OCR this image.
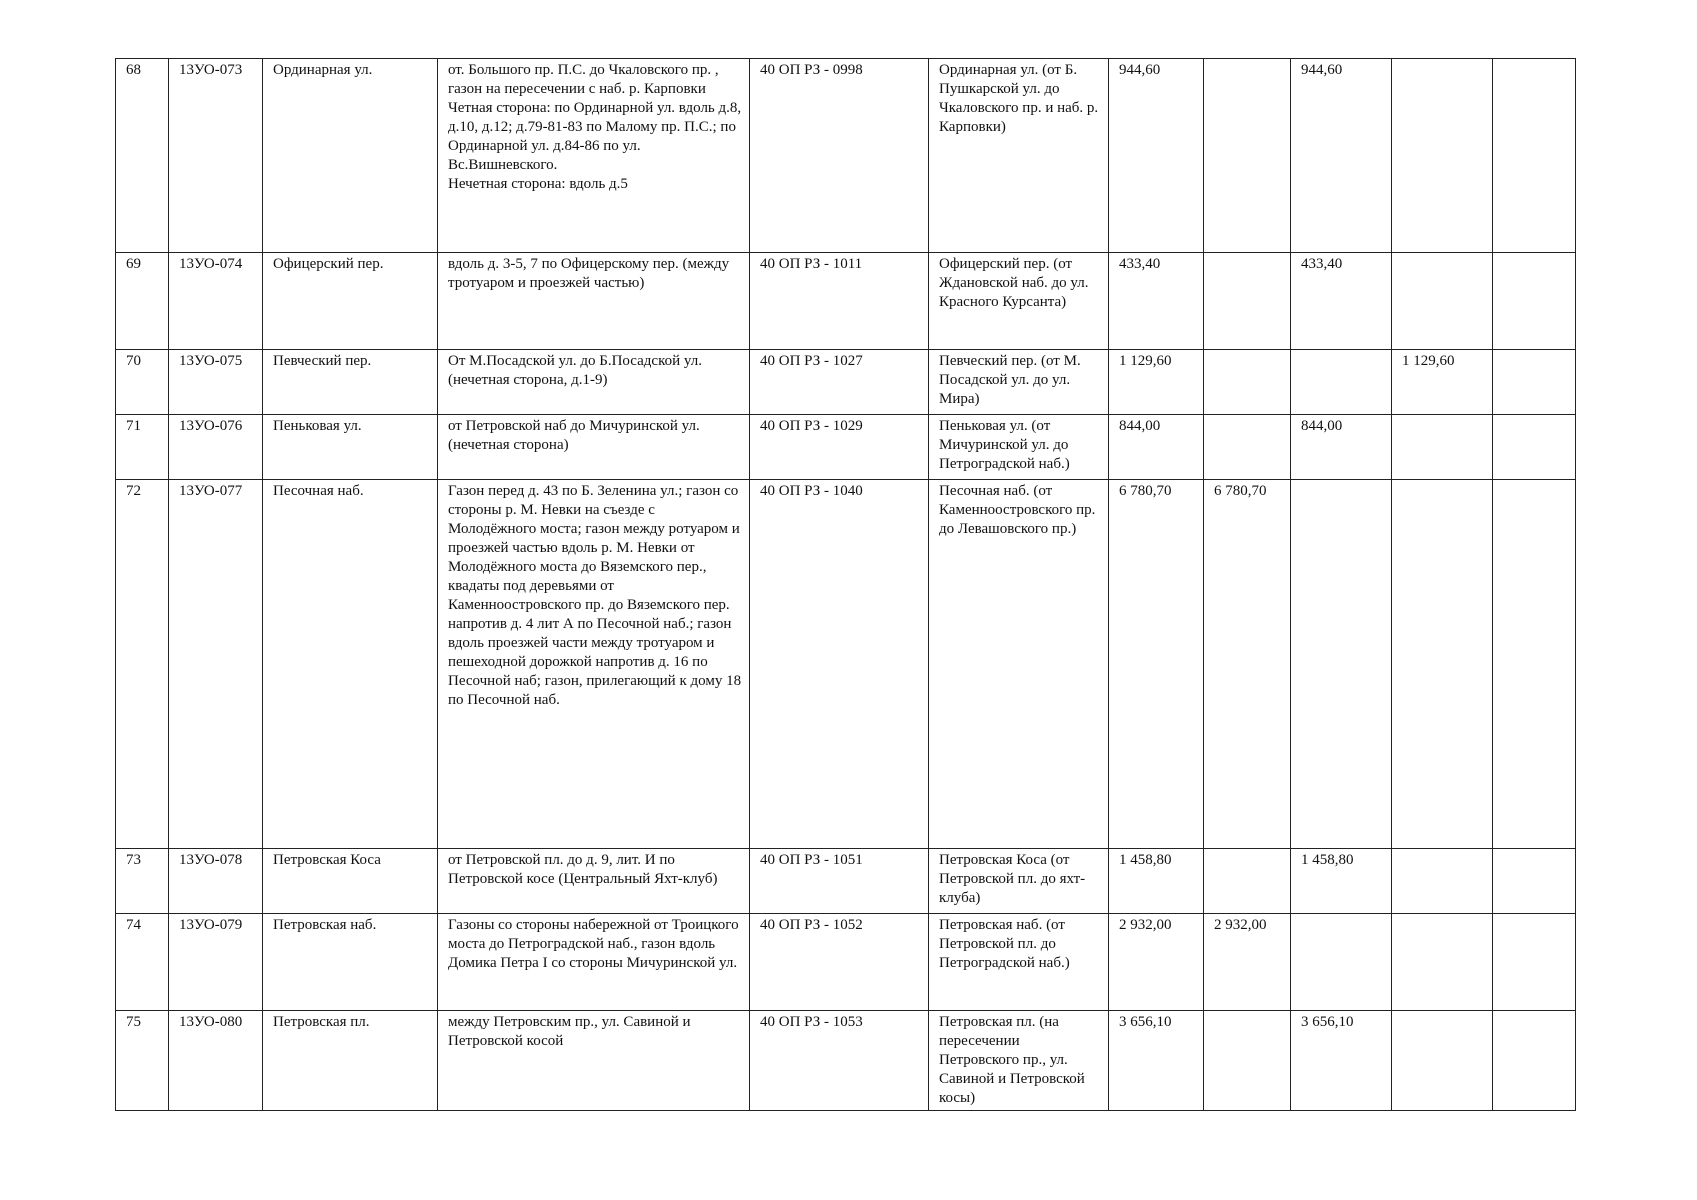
68	13УО-073	Ординарная ул.	от. Большого пр. П.С. до Чкаловского пр. , газон на пересечении с наб. р. Карповки
Четная сторона: по Ординарной ул. вдоль д.8, д.10, д.12; д.79-81-83 по Малому пр. П.С.; по Ординарной ул. д.84-86 по ул. Вс.Вишневского.
Нечетная сторона: вдоль д.5	40 ОП РЗ - 0998	Ординарная ул. (от Б. Пушкарской ул. до Чкаловского пр. и наб. р. Карповки)	944,60		944,60		
69	13УО-074	Офицерский пер.	вдоль д. 3-5, 7 по Офицерскому пер. (между тротуаром и проезжей частью)	40 ОП РЗ - 1011	Офицерский пер. (от Ждановской наб. до ул. Красного Курсанта)	433,40		433,40		
70	13УО-075	Певческий пер.	От М.Посадской ул. до Б.Посадской ул. (нечетная сторона, д.1-9)	40 ОП РЗ - 1027	Певческий пер. (от М. Посадской ул. до ул. Мира)	1 129,60			1 129,60	
71	13УО-076	Пеньковая ул.	от Петровской наб до Мичуринской ул.(нечетная сторона)	40 ОП РЗ - 1029	Пеньковая ул. (от Мичуринской ул. до Петроградской наб.)	844,00		844,00		
72	13УО-077	Песочная наб.	Газон перед д. 43 по Б. Зеленина ул.; газон со стороны р. М. Невки на съезде с Молодёжного моста; газон между ротуаром и проезжей частью вдоль р. М. Невки от Молодёжного моста до Вяземского пер., квадаты под деревьями от Каменноостровского пр. до Вяземского пер. напротив д. 4 лит А по Песочной наб.; газон вдоль проезжей части между тротуаром и пешеходной дорожкой напротив д. 16 по Песочной наб; газон, прилегающий к дому 18 по Песочной наб.	40 ОП РЗ - 1040	Песочная наб. (от Каменноостровского пр. до Левашовского пр.)	6 780,70	6 780,70			
73	13УО-078	Петровская Коса	от Петровской пл. до д. 9, лит. И по Петровской косе (Центральный Яхт-клуб)	40 ОП РЗ - 1051	Петровская Коса (от Петровской пл. до яхт-клуба)	1 458,80		1 458,80		
74	13УО-079	Петровская наб.	Газоны со стороны набережной от Троицкого моста до Петроградской наб., газон вдоль Домика Петра I со стороны Мичуринской ул.	40 ОП РЗ - 1052	Петровская наб. (от Петровской пл. до Петроградской наб.)	2 932,00	2 932,00			
75	13УО-080	Петровская пл.	между Петровским пр., ул. Савиной и Петровской косой	40 ОП РЗ - 1053	Петровская пл. (на пересечении Петровского пр., ул. Савиной и Петровской косы)	3 656,10		3 656,10		
